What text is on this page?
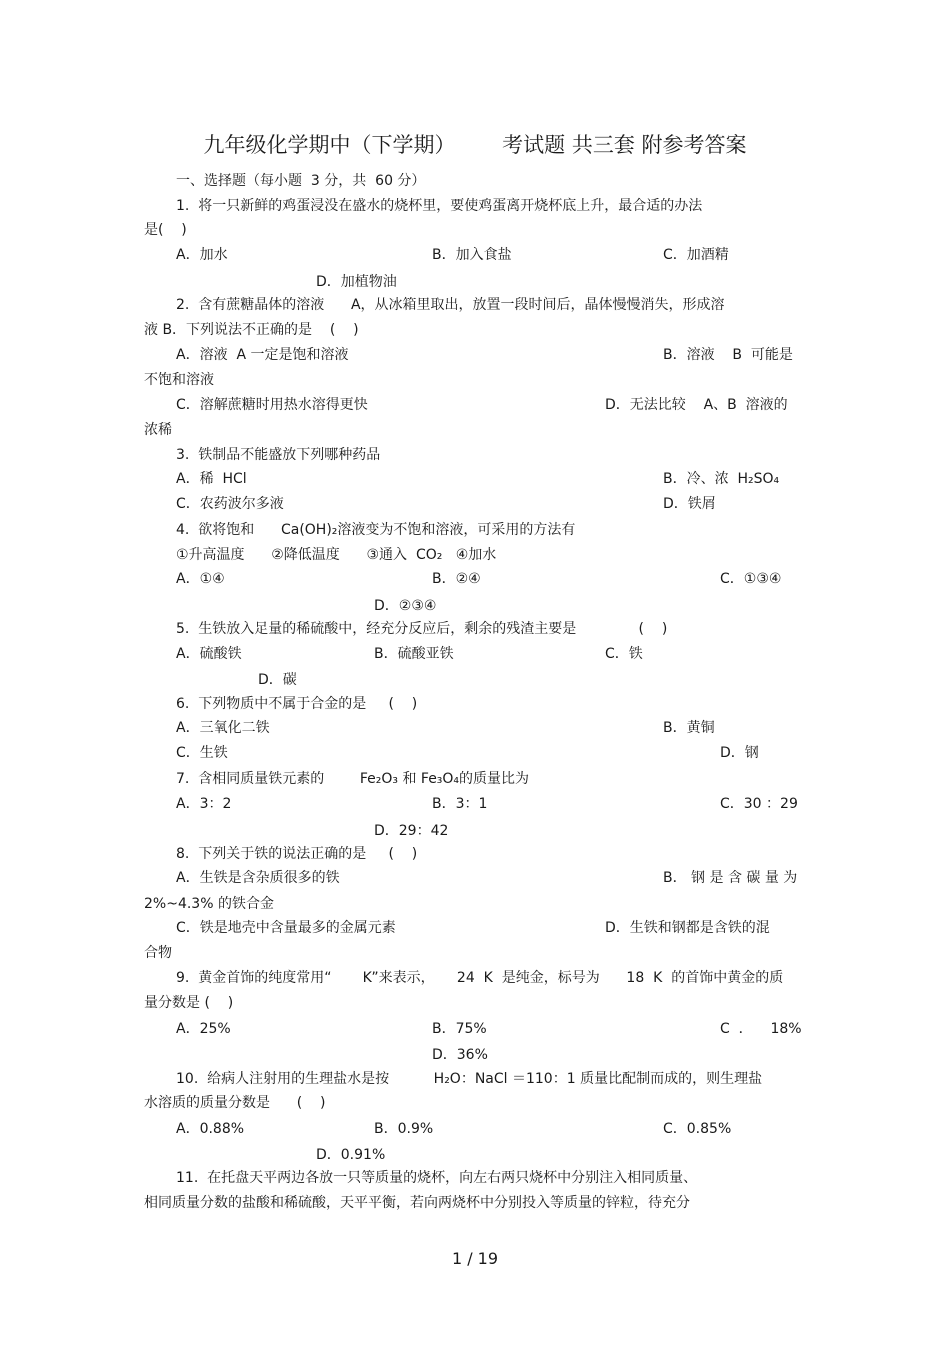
九年级化学期中（下学期）       考试题 共三套 附参考答案
一、选择题（每小题  3 分，共  60 分）
1.  将一只新鲜的鸡蛋浸没在盛水的烧杯里，要使鸡蛋离开烧杯底上升，最合适的办法
是(    )
A．加水	B．加入食盐	C．加酒精
D．加植物油
2.  含有蔗糖晶体的溶液      A，从冰箱里取出，放置一段时间后，晶体慢慢消失，形成溶
液 B．下列说法不正确的是    (    )
A．溶液  A 一定是饱和溶液	B．溶液    B  可能是
不饱和溶液
C．溶解蔗糖时用热水溶得更快	D．无法比较    A、B  溶液的
浓稀
3.  铁制品不能盛放下列哪种药品
A．稀  HCl	B．冷、浓  H₂SO₄
C．农药波尔多液	D．铁屑
4.  欲将饱和      Ca(OH)₂溶液变为不饱和溶液，可采用的方法有
①升高温度      ②降低温度      ③通入  CO₂   ④加水
A．①④	B．②④	C．①③④
D．②③④
5.  生铁放入足量的稀硫酸中，经充分反应后，剩余的残渣主要是              (    )
A．硫酸铁	B．硫酸亚铁	C．铁
D．碳
6.  下列物质中不属于合金的是     (    )
A．三氧化二铁	B．黄铜
C．生铁	D．钢
7.  含相同质量铁元素的        Fe₂O₃ 和 Fe₃O₄的质量比为
A．3：2	B．3：1	C．30 ：29
D．29：42
8.  下列关于铁的说法正确的是     (    )
A．生铁是含杂质很多的铁	B． 钢 是 含 碳 量 为
2%~4.3% 的铁合金
C．铁是地壳中含量最多的金属元素	D．生铁和钢都是含铁的混
合物
9.  黄金首饰的纯度常用“       K”来表示，     24  K  是纯金，标号为      18  K  的首饰中黄金的质
量分数是 (    )
A．25%	B．75%	C  ．    18%
D．36%
10.  给病人注射用的生理盐水是按          H₂O：NaCl ＝110：1 质量比配制而成的，则生理盐
水溶质的质量分数是      (    )
A．0.88%	B．0.9%	C．0.85%
D．0.91%
11.  在托盘天平两边各放一只等质量的烧杯，向左右两只烧杯中分别注入相同质量、
相同质量分数的盐酸和稀硫酸，天平平衡，若向两烧杯中分别投入等质量的锌粒，待充分
1 / 19
